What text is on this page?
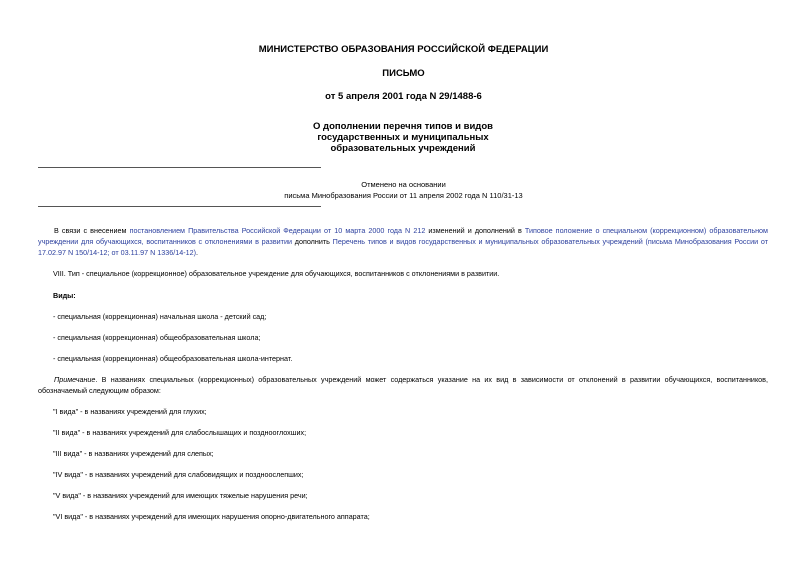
МИНИСТЕРСТВО ОБРАЗОВАНИЯ РОССИЙСКОЙ ФЕДЕРАЦИИ
ПИСЬМО
от 5 апреля 2001 года N 29/1488-6
О дополнении перечня типов и видов
государственных и муниципальных
образовательных учреждений
Отменено на основании
письма Минобразования России от 11 апреля 2002 года N 110/31-13
В связи с внесением постановлением Правительства Российской Федерации от 10 марта 2000 года N 212 изменений и дополнений в Типовое положение о специальном (коррекционном) образовательном учреждении для обучающихся, воспитанников с отклонениями в развитии дополнить Перечень типов и видов государственных и муниципальных образовательных учреждений (письма Минобразования России от 17.02.97 N 150/14-12; от 03.11.97 N 1336/14-12).
VIII. Тип - специальное (коррекционное) образовательное учреждение для обучающихся, воспитанников с отклонениями в развитии.
Виды:
- специальная (коррекционная) начальная школа - детский сад;
- специальная (коррекционная) общеобразовательная школа;
- специальная (коррекционная) общеобразовательная школа-интернат.
Примечание. В названиях специальных (коррекционных) образовательных учреждений может содержаться указание на их вид в зависимости от отклонений в развитии обучающихся, воспитанников, обозначаемый следующим образом:
"I вида" - в названиях учреждений для глухих;
"II вида" - в названиях учреждений для слабослышащих и позднооглохших;
"III вида" - в названиях учреждений для слепых;
"IV вида" - в названиях учреждений для слабовидящих и поздноослепших;
"V вида" - в названиях учреждений для имеющих тяжелые нарушения речи;
"VI вида" - в названиях учреждений для имеющих нарушения опорно-двигательного аппарата;
